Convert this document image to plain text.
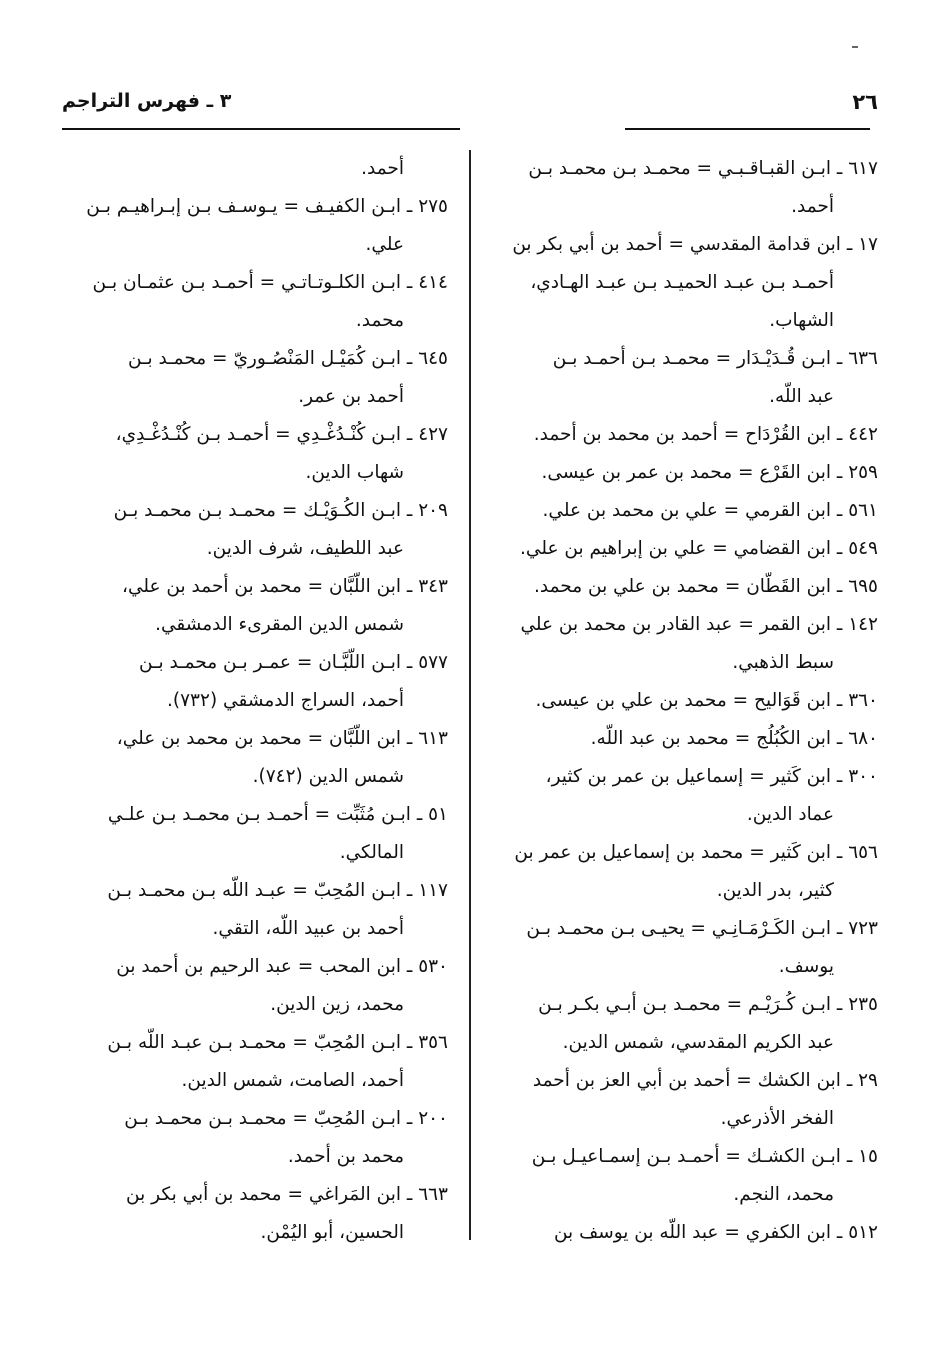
٢٦
٣ ـ فهرس التراجم

٦١٧ ـ ابـن القبـاقـبـي = محمـد بـن محمـد بـن
أحمد.

١٧ ـ ابن قدامة المقدسي = أحمد بن أبي بكر بن
أحمـد بـن عبـد الحميـد بـن عبـد الهـادي،
الشهاب.

٦٣٦ ـ ابـن قُـدَيْـدَار = محمـد بـن أحمـد بـن
عبد اللّه.

٤٤٢ ـ ابن القُرْدَاح = أحمد بن محمد بن أحمد.

٢٥٩ ـ ابن القَرْع = محمد بن عمر بن عيسى.

٥٦١ ـ ابن القرمي = علي بن محمد بن علي.

٥٤٩ ـ ابن القضامي = علي بن إبراهيم بن علي.

٦٩٥ ـ ابن القَطّان = محمد بن علي بن محمد.

١٤٢ ـ ابن القمر = عبد القادر بن محمد بن علي
سبط الذهبي.

٣٦٠ ـ ابن قَوَاليح = محمد بن علي بن عيسى.

٦٨٠ ـ ابن الكُبُلُج = محمد بن عبد اللّه.

٣٠٠ ـ ابن كَثير = إسماعيل بن عمر بن كثير،
عماد الدين.

٦٥٦ ـ ابن كَثير = محمد بن إسماعيل بن عمر بن
كثير، بدر الدين.

٧٢٣ ـ ابـن الكَـرْمَـانِـي = يحيـى بـن محمـد بـن
يوسف.

٢٣٥ ـ ابـن كُـرَيْـم = محمـد بـن أبـي بكـر بـن
عبد الكريم المقدسي، شمس الدين.

٢٩ ـ ابن الكشك = أحمد بن أبي العز بن أحمد
الفخر الأذرعي.

١٥ ـ ابـن الكشـك = أحمـد بـن إسمـاعيـل بـن
محمد، النجم.

٥١٢ ـ ابن الكفري = عبد اللّه بن يوسف بن

أحمد.

٢٧٥ ـ ابـن الكفيـف = يـوسـف بـن إبـراهيـم بـن
علي.

٤١٤ ـ ابـن الكلـوتـاتـي = أحمـد بـن عثمـان بـن
محمد.

٦٤٥ ـ ابـن كُمَيْـل المَنْصُـوريّ = محمـد بـن
أحمد بن عمر.

٤٢٧ ـ ابـن كُنْـدُغْـدِي = أحمـد بـن كُنْـدُغْـدِي،
شهاب الدين.

٢٠٩ ـ ابـن الكُـوَيْـك = محمـد بـن محمـد بـن
عبد اللطيف، شرف الدين.

٣٤٣ ـ ابن اللّبَّان = محمد بن أحمد بن علي،
شمس الدين المقرىء الدمشقي.

٥٧٧ ـ ابـن اللّبَّـان = عمـر بـن محمـد بـن
أحمد، السراج الدمشقي (٧٣٢).

٦١٣ ـ ابن اللّبَّان = محمد بن محمد بن علي،
شمس الدين (٧٤٢).

٥١ ـ ابـن مُثَبِّت = أحمـد بـن محمـد بـن علـي
المالكي.

١١٧ ـ ابـن المُحِبّ = عبـد اللّه بـن محمـد بـن
أحمد بن عبيد اللّه، التقي.

٥٣٠ ـ ابن المحب = عبد الرحيم بن أحمد بن
محمد، زين الدين.

٣٥٦ ـ ابـن المُحِبّ = محمـد بـن عبـد اللّه بـن
أحمد، الصامت، شمس الدين.

٢٠٠ ـ ابـن المُحِبّ = محمـد بـن محمـد بـن
محمد بن أحمد.

٦٦٣ ـ ابن المَراغي = محمد بن أبي بكر بن
الحسين، أبو اليُمْن.
